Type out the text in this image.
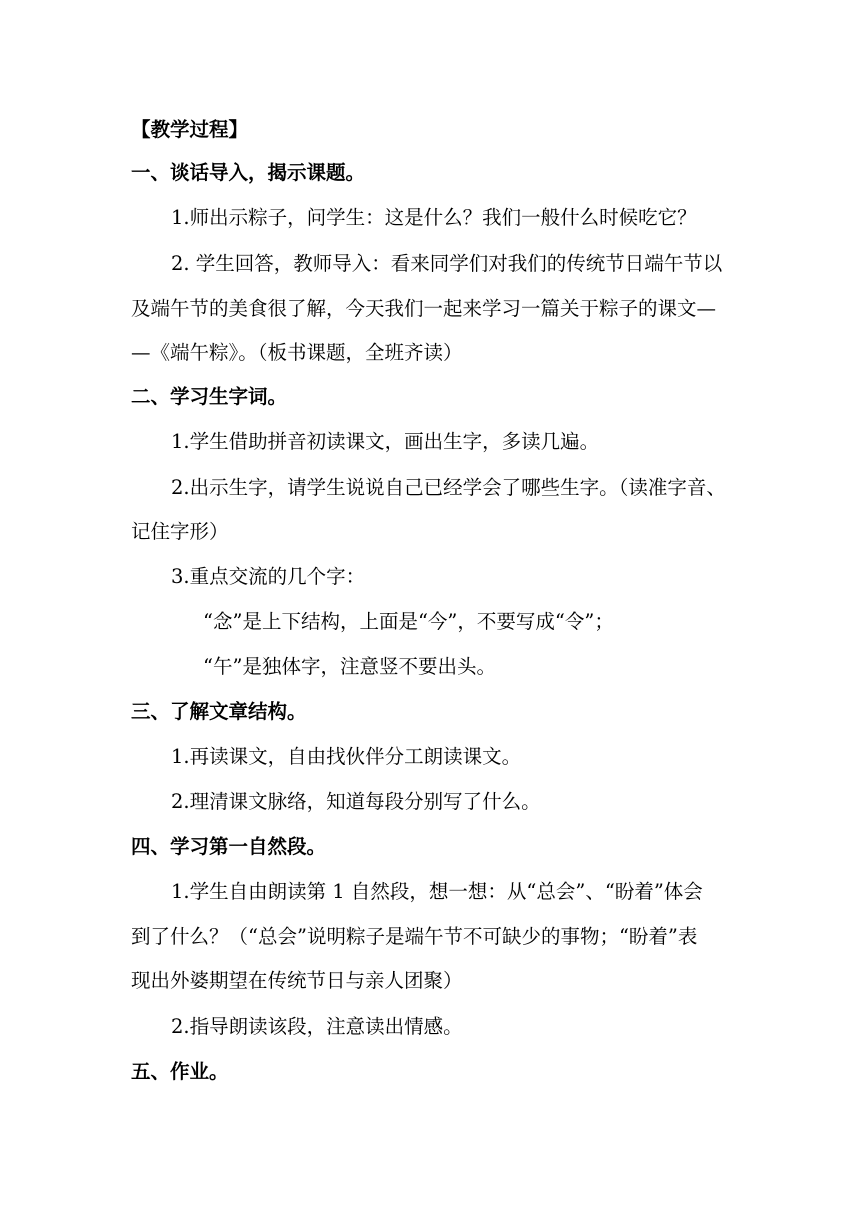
【教学过程】
一、谈话导入，揭示课题。
1.师出示粽子，问学生：这是什么？我们一般什么时候吃它？
2. 学生回答，教师导入：看来同学们对我们的传统节日端午节以
及端午节的美食很了解，今天我们一起来学习一篇关于粽子的课文—
—《端午粽》。（板书课题，全班齐读）
二、学习生字词。
1.学生借助拼音初读课文，画出生字，多读几遍。
2.出示生字，请学生说说自己已经学会了哪些生字。（读准字音、
记住字形）
3.重点交流的几个字：
“念”是上下结构，上面是“今”，不要写成“令”；
“午”是独体字，注意竖不要出头。
三、了解文章结构。
1.再读课文，自由找伙伴分工朗读课文。
2.理清课文脉络，知道每段分别写了什么。
四、学习第一自然段。
1.学生自由朗读第 1 自然段，想一想：从“总会”、“盼着”体会
到了什么？（“总会”说明粽子是端午节不可缺少的事物；“盼着”表
现出外婆期望在传统节日与亲人团聚）
2.指导朗读该段，注意读出情感。
五、作业。
